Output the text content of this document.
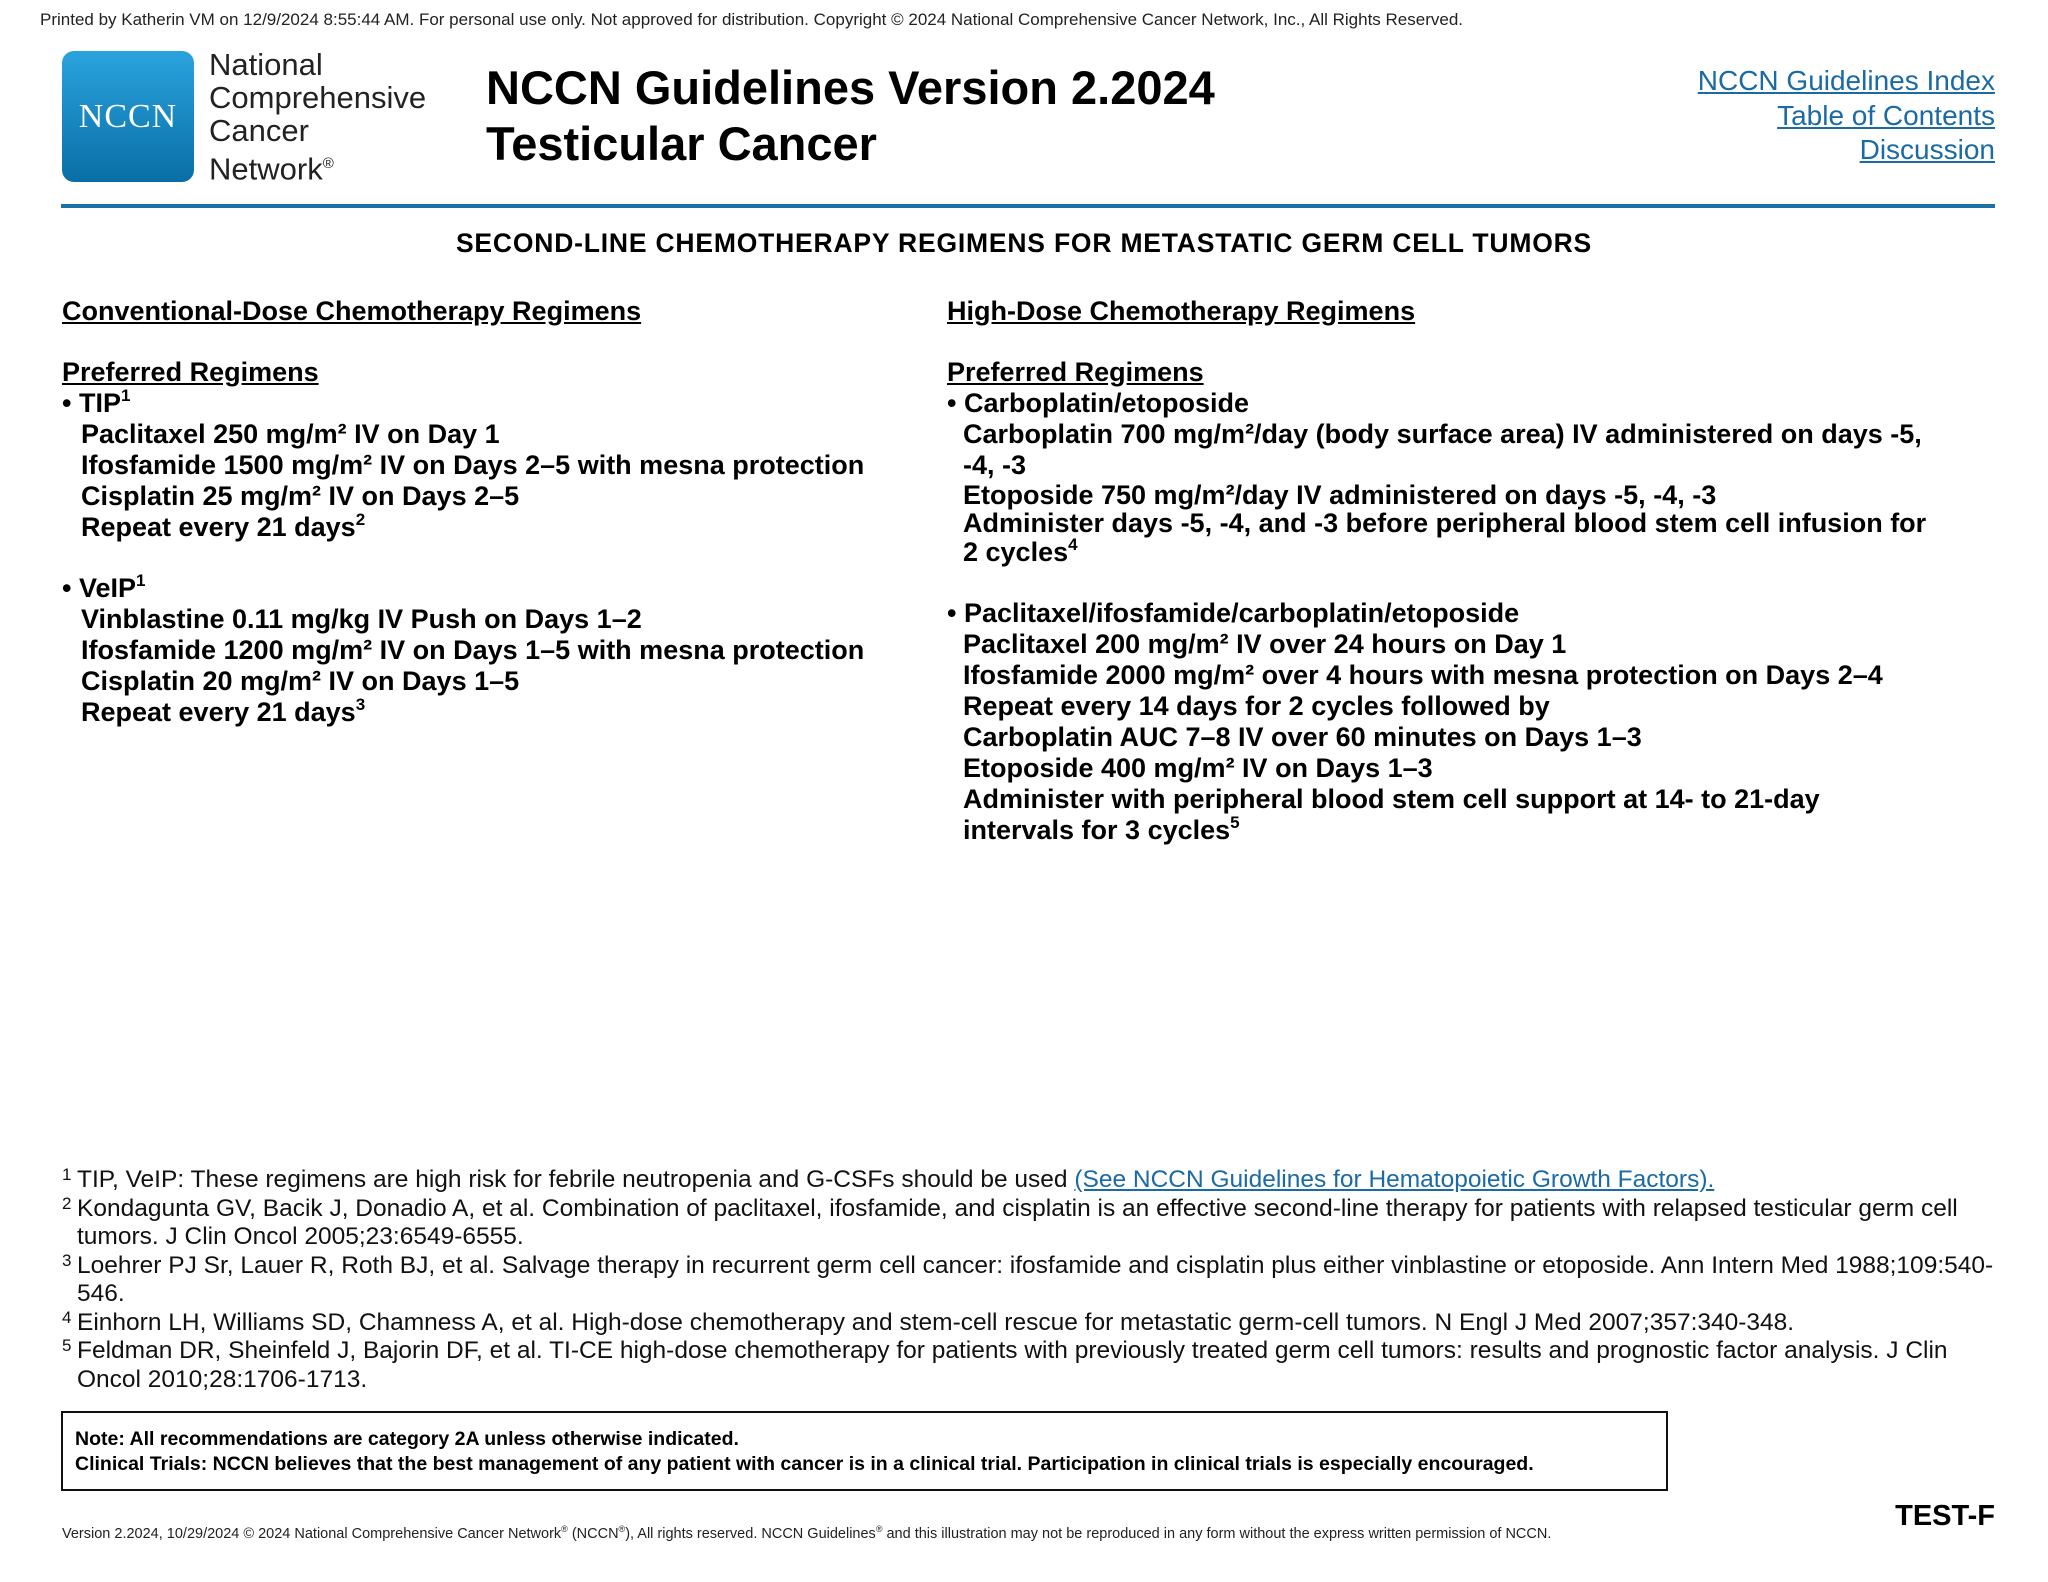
Printed by Katherin VM on 12/9/2024 8:55:44 AM. For personal use only. Not approved for distribution. Copyright © 2024 National Comprehensive Cancer Network, Inc., All Rights Reserved.
NCCN
National
Comprehensive
Cancer
Network®
NCCN Guidelines Version 2.2024
Testicular Cancer
NCCN Guidelines Index
Table of Contents
Discussion
SECOND-LINE CHEMOTHERAPY REGIMENS FOR METASTATIC GERM CELL TUMORS
Conventional-Dose Chemotherapy Regimens
Preferred Regimens
• TIP$^1$
Paclitaxel 250 mg/m² IV on Day 1
Ifosfamide 1500 mg/m² IV on Days 2–5 with mesna protection
Cisplatin 25 mg/m² IV on Days 2–5
Repeat every 21 days$^2$
• VeIP$^1$
Vinblastine 0.11 mg/kg IV Push on Days 1–2
Ifosfamide 1200 mg/m² IV on Days 1–5 with mesna protection
Cisplatin 20 mg/m² IV on Days 1–5
Repeat every 21 days$^3$
High-Dose Chemotherapy Regimens
Preferred Regimens
• Carboplatin/etoposide
Carboplatin 700 mg/m²/day (body surface area) IV administered on days -5,
-4, -3
Etoposide 750 mg/m²/day IV administered on days -5, -4, -3
Administer days -5, -4, and -3 before peripheral blood stem cell infusion for
2 cycles$^4$
• Paclitaxel/ifosfamide/carboplatin/etoposide
Paclitaxel 200 mg/m² IV over 24 hours on Day 1
Ifosfamide 2000 mg/m² over 4 hours with mesna protection on Days 2–4
Repeat every 14 days for 2 cycles followed by
Carboplatin AUC 7–8 IV over 60 minutes on Days 1–3
Etoposide 400 mg/m² IV on Days 1–3
Administer with peripheral blood stem cell support at 14- to 21-day
intervals for 3 cycles$^5$
1 TIP, VeIP: These regimens are high risk for febrile neutropenia and G-CSFs should be used (See NCCN Guidelines for Hematopoietic Growth Factors).
2 Kondagunta GV, Bacik J, Donadio A, et al. Combination of paclitaxel, ifosfamide, and cisplatin is an effective second-line therapy for patients with relapsed testicular germ cell tumors. J Clin Oncol 2005;23:6549-6555.
3 Loehrer PJ Sr, Lauer R, Roth BJ, et al. Salvage therapy in recurrent germ cell cancer: ifosfamide and cisplatin plus either vinblastine or etoposide. Ann Intern Med 1988;109:540-546.
4 Einhorn LH, Williams SD, Chamness A, et al. High-dose chemotherapy and stem-cell rescue for metastatic germ-cell tumors. N Engl J Med 2007;357:340-348.
5 Feldman DR, Sheinfeld J, Bajorin DF, et al. TI-CE high-dose chemotherapy for patients with previously treated germ cell tumors: results and prognostic factor analysis. J Clin Oncol 2010;28:1706-1713.
Note: All recommendations are category 2A unless otherwise indicated.
Clinical Trials: NCCN believes that the best management of any patient with cancer is in a clinical trial. Participation in clinical trials is especially encouraged.
TEST-F
Version 2.2024, 10/29/2024 © 2024 National Comprehensive Cancer Network® (NCCN®), All rights reserved. NCCN Guidelines® and this illustration may not be reproduced in any form without the express written permission of NCCN.
